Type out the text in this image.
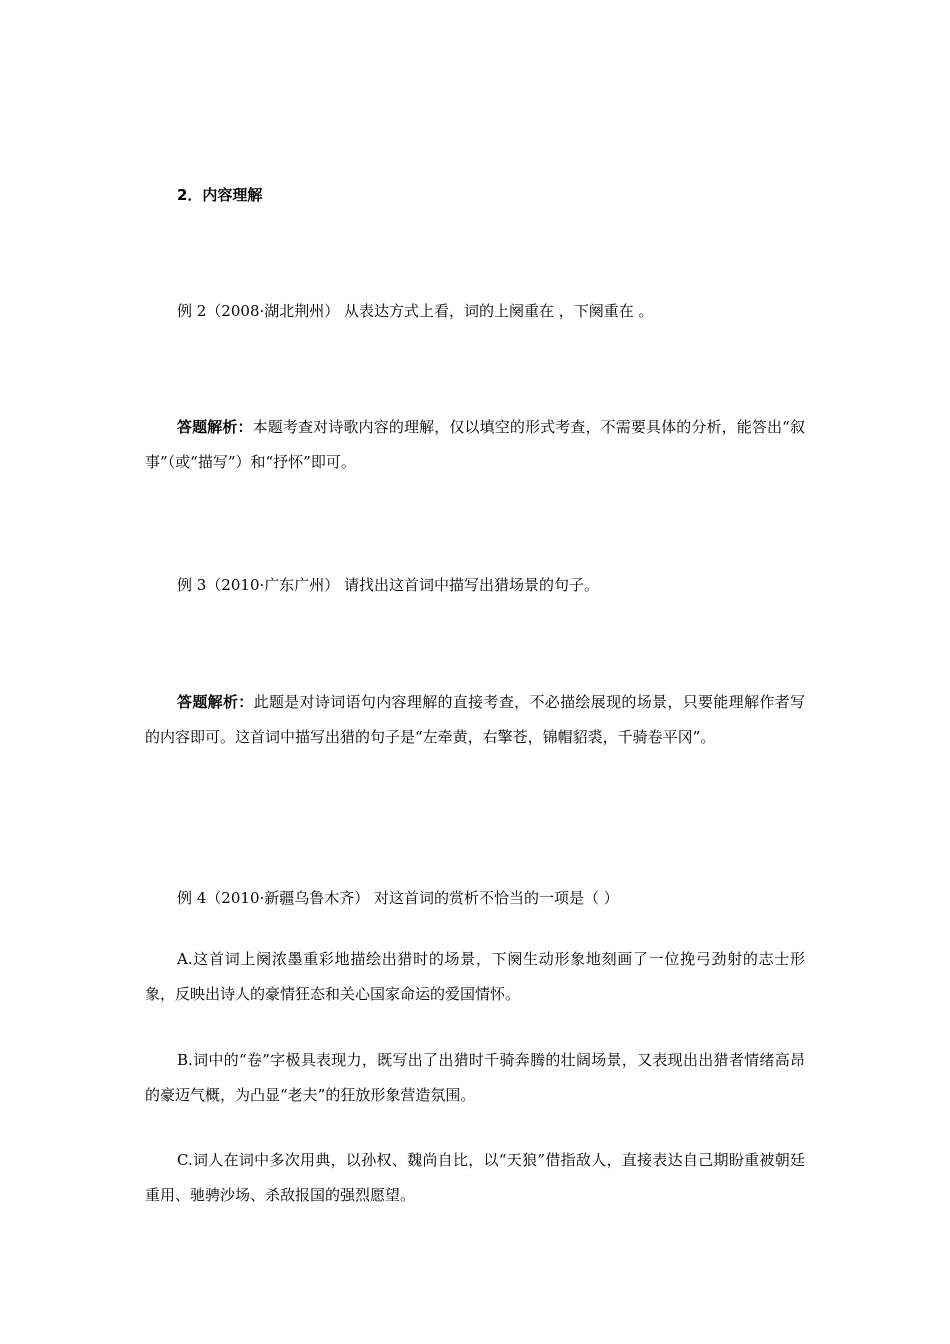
2．内容理解

例 2（2008·湖北荆州） 从表达方式上看，词的上阕重在 ，下阕重在 。

答题解析：本题考查对诗歌内容的理解，仅以填空的形式考查，不需要具体的分析，能答出“叙事”（或“描写”）和“抒怀”即可。

例 3（2010·广东广州） 请找出这首词中描写出猎场景的句子。

答题解析：此题是对诗词语句内容理解的直接考查，不必描绘展现的场景，只要能理解作者写的内容即可。这首词中描写出猎的句子是“左牵黄，右擎苍，锦帽貂裘，千骑卷平冈”。

例 4（2010·新疆乌鲁木齐） 对这首词的赏析不恰当的一项是（ ）

A.这首词上阕浓墨重彩地描绘出猎时的场景，下阕生动形象地刻画了一位挽弓劲射的志士形象，反映出诗人的豪情狂态和关心国家命运的爱国情怀。

B.词中的“卷”字极具表现力，既写出了出猎时千骑奔腾的壮阔场景，又表现出出猎者情绪高昂的豪迈气概，为凸显“老夫”的狂放形象营造氛围。

C.词人在词中多次用典，以孙权、魏尚自比，以“天狼”借指敌人，直接表达自己期盼重被朝廷重用、驰骋沙场、杀敌报国的强烈愿望。
